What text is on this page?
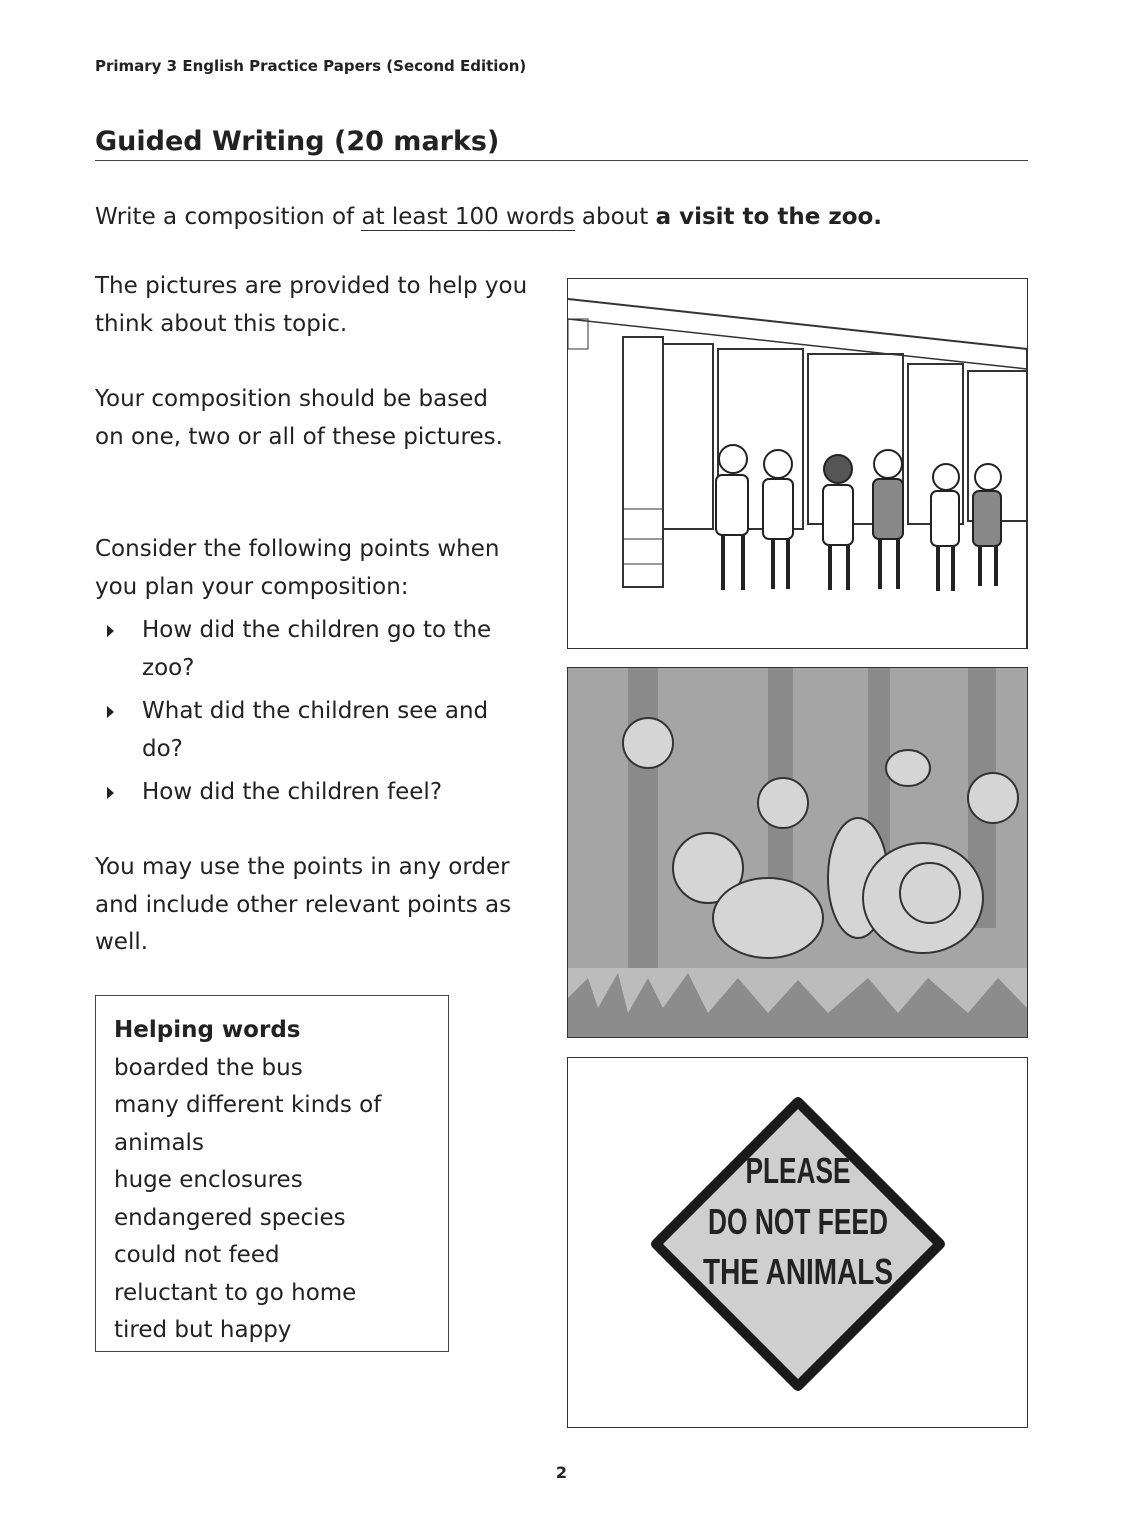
Primary 3 English Practice Papers (Second Edition)
Guided Writing (20 marks)
Write a composition of at least 100 words about a visit to the zoo.
The pictures are provided to help you think about this topic.
Your composition should be based on one, two or all of these pictures.
Consider the following points when you plan your composition:
How did the children go to the zoo?
What did the children see and do?
How did the children feel?
You may use the points in any order and include other relevant points as well.
Helping words
boarded the bus
many different kinds of animals
huge enclosures
endangered species
could not feed
reluctant to go home
tired but happy
PLEASE
DO NOT FEED
THE ANIMALS
2
